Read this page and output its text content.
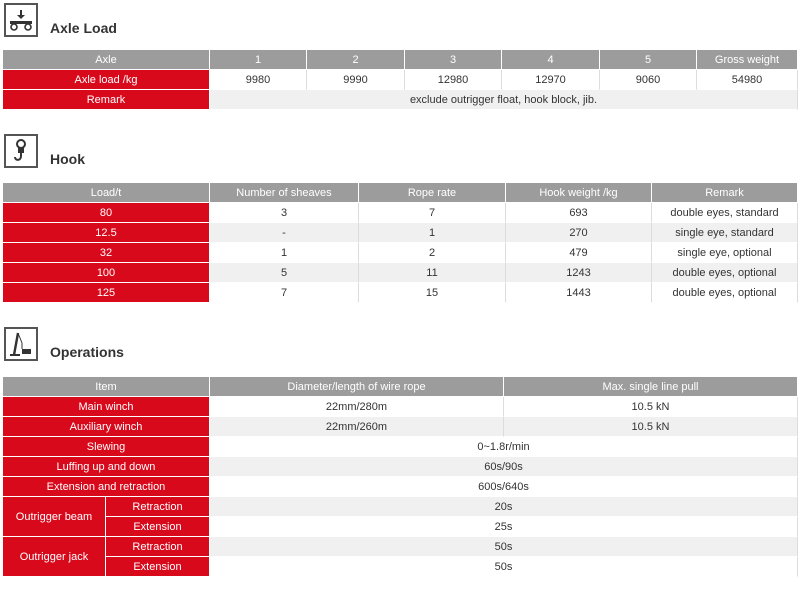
Axle Load
Axle	1	2	3	4	5	Gross weight
Axle load /kg	9980	9990	12980	12970	9060	54980
Remark	exclude outrigger float, hook block, jib.					
Hook
Load/t	Number of sheaves	Rope rate	Hook weight /kg	Remark
80	3	7	693	double eyes, standard
12.5	-	1	270	single eye, standard
32	1	2	479	single eye, optional
100	5	11	1243	double eyes, optional
125	7	15	1443	double eyes, optional
Operations
Item		Diameter/length of wire rope	Max. single line pull
Main winch		22mm/280m	10.5 kN
Auxiliary winch		22mm/260m	10.5 kN
Slewing		0~1.8r/min	
Luffing up and down		60s/90s	
Extension and retraction		600s/640s	
Outrigger beam	Retraction	20s	
	Extension	25s	
Outrigger jack	Retraction	50s	
	Extension	50s	
